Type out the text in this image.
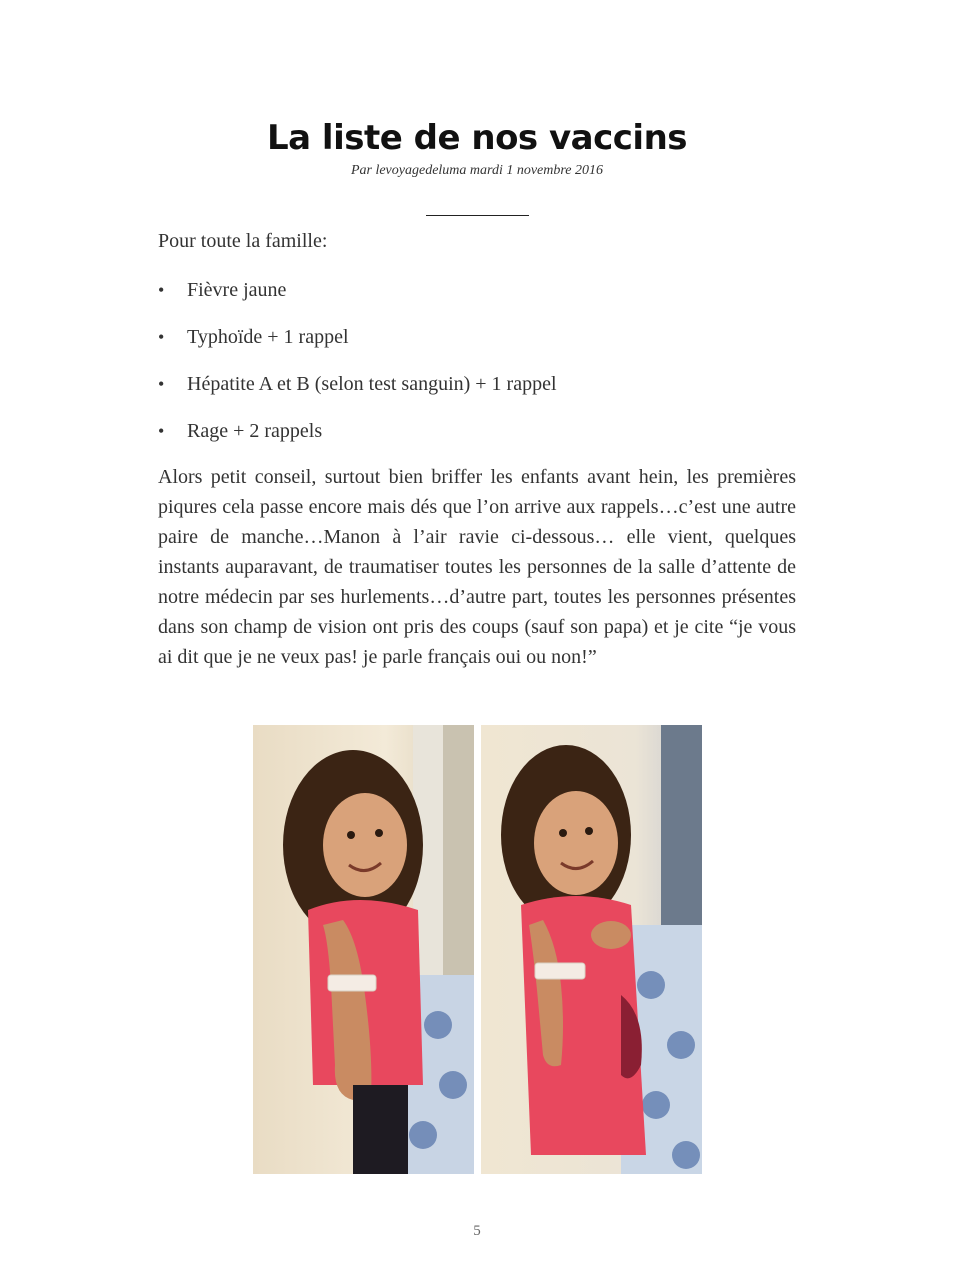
La liste de nos vaccins
Par levoyagedeluma mardi 1 novembre 2016
Pour toute la famille:
• Fièvre jaune
• Typhoïde + 1 rappel
• Hépatite A et B (selon test sanguin) + 1 rappel
• Rage + 2 rappels
Alors petit conseil, surtout bien briffer les enfants avant hein, les premières piqures cela passe encore mais dés que l’on arrive aux rappels…c’est une autre paire de manche…Manon à l’air ravie ci-dessous… elle vient, quelques instants auparavant, de traumatiser toutes les personnes de la salle d’attente de notre médecin par ses hurlements…d’autre part, toutes les personnes présentes dans son champ de vision ont pris des coups (sauf son papa) et je cite “je vous ai dit que je ne veux pas! je parle français oui ou non!”
5
